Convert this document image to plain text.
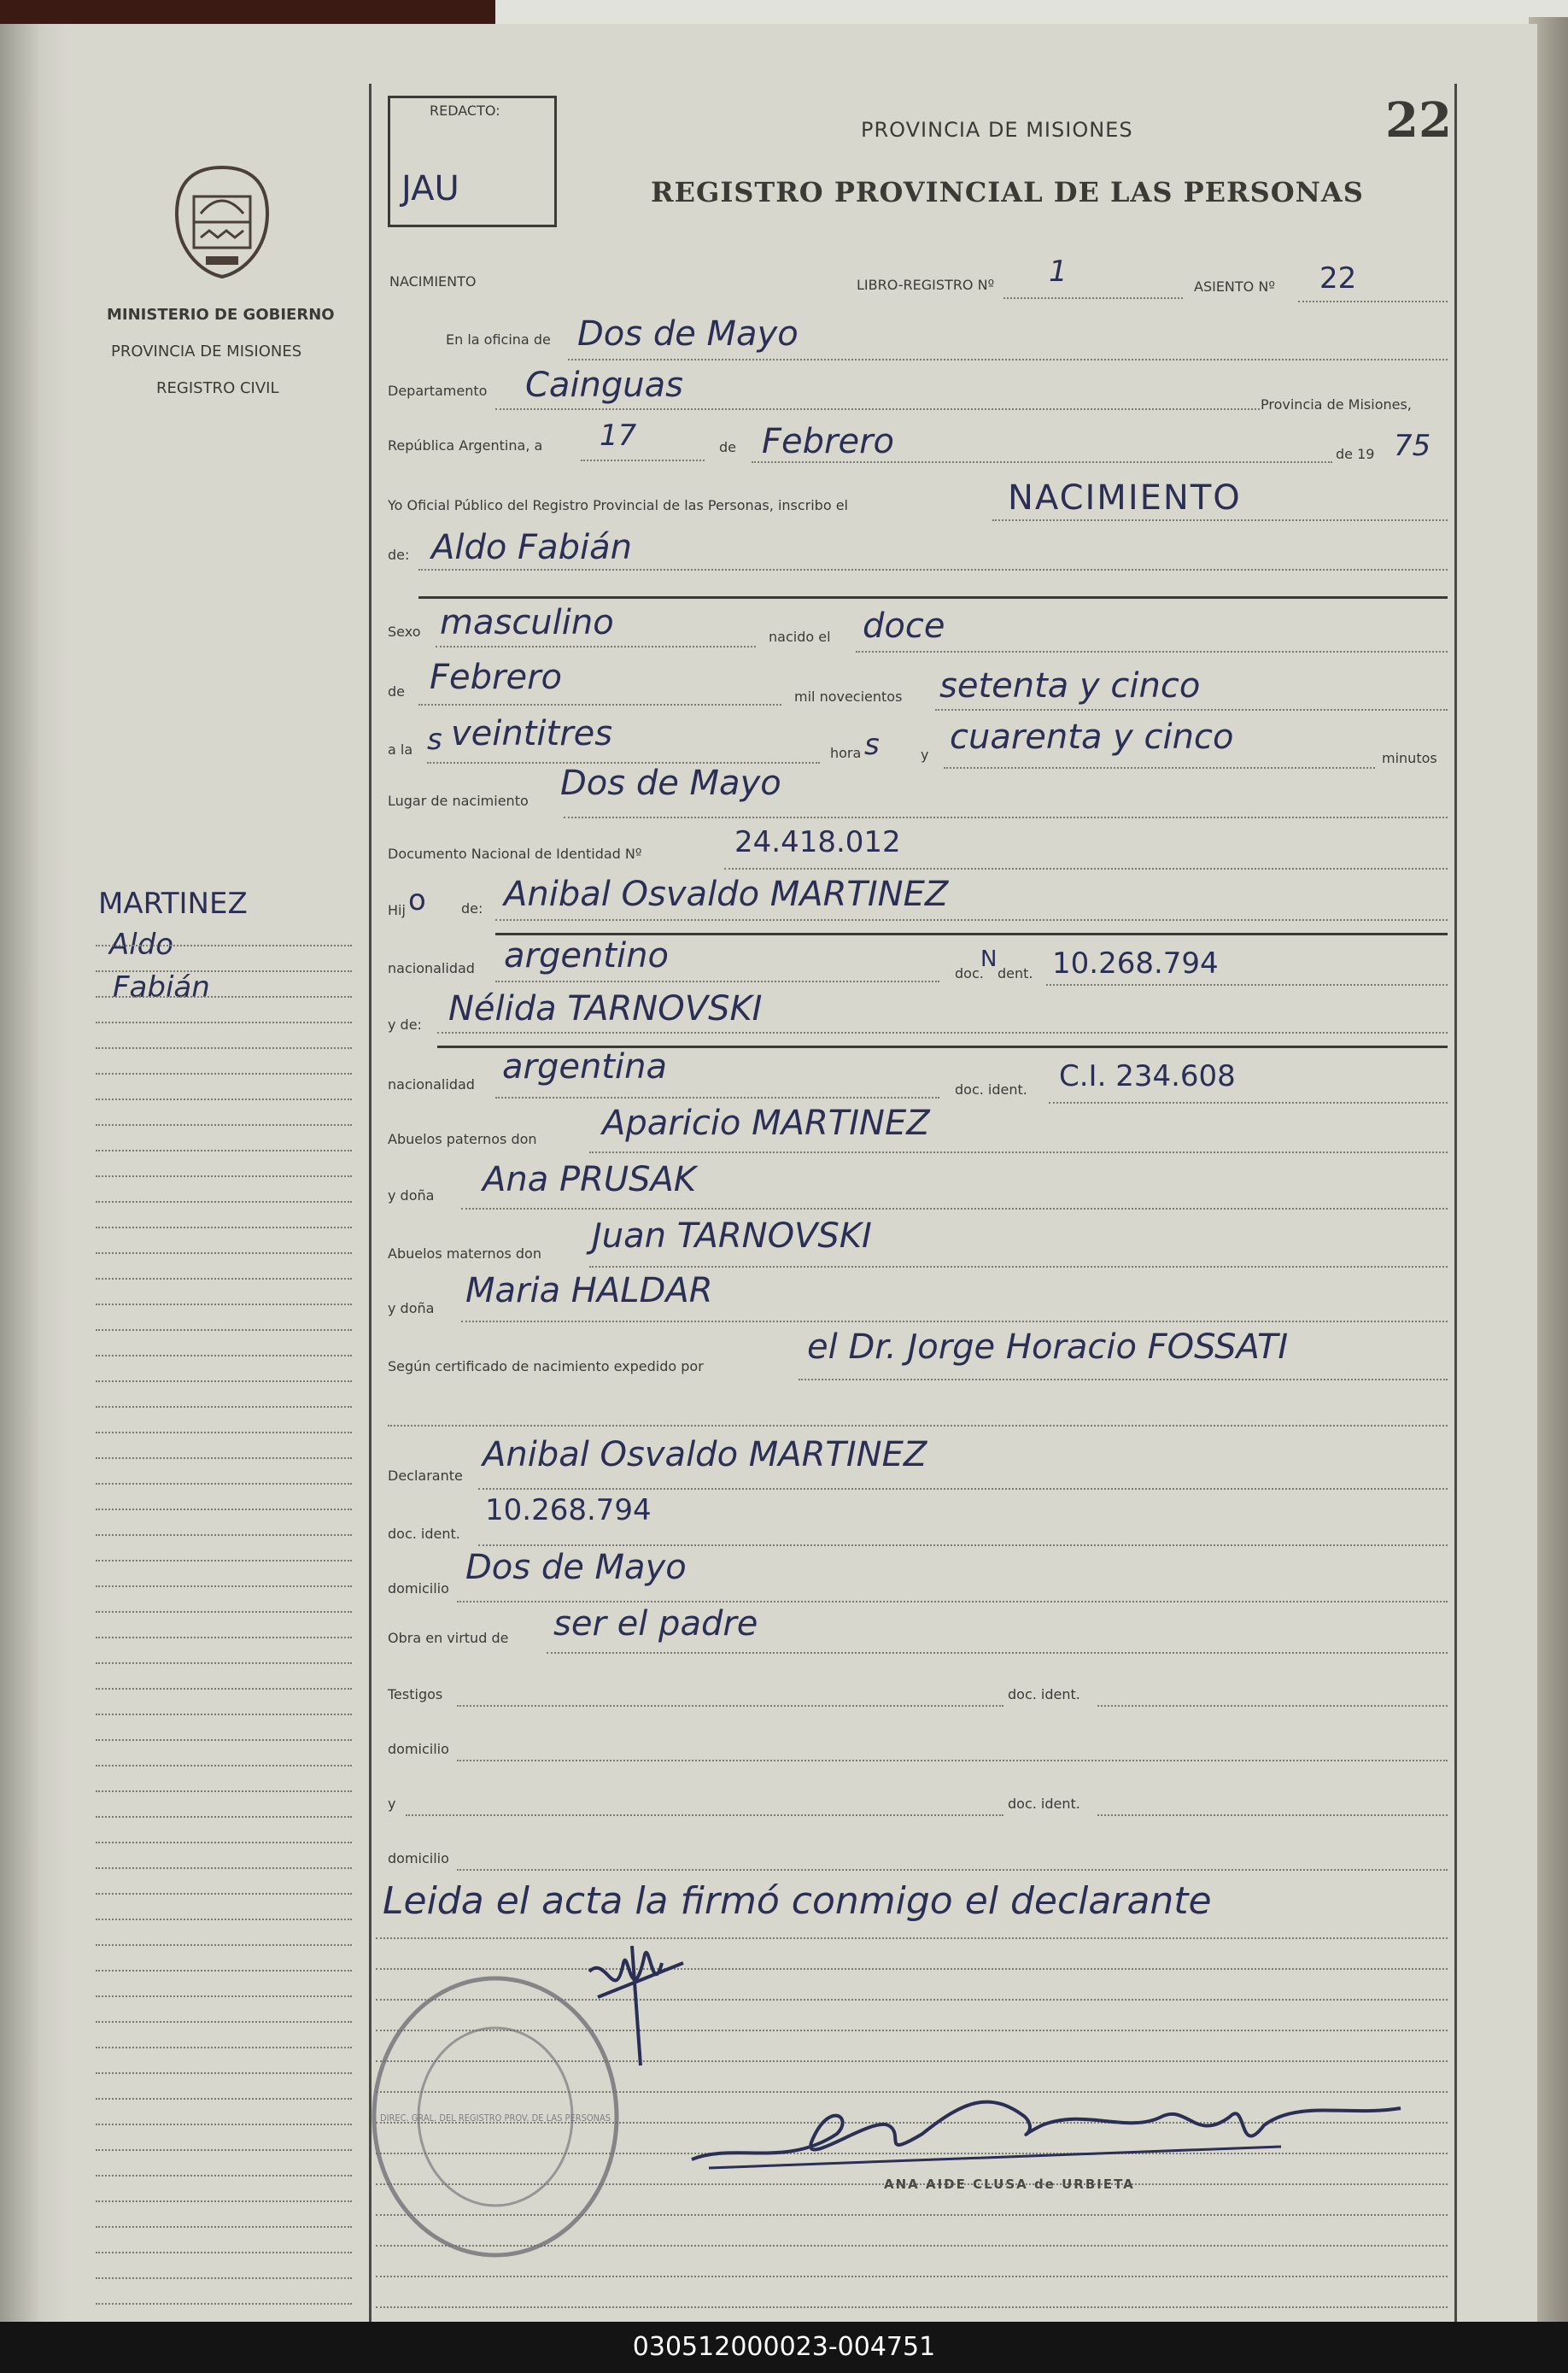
MINISTERIO DE GOBIERNO
PROVINCIA DE MISIONES
REGISTRO CIVIL
MARTINEZ
Aldo
Fabián
REDACTO:
JAU
PROVINCIA DE MISIONES
REGISTRO PROVINCIAL DE LAS PERSONAS
22
NACIMIENTO	LIBRO-REGISTRO Nº 1	ASIENTO Nº 22
En la oficina de Dos de Mayo
Departamento Cainguas	Provincia de Misiones,
República Argentina, a 17	de Febrero	de 19 75
Yo Oficial Público del Registro Provincial de las Personas, inscribo el	NACIMIENTO
de: Aldo Fabián
Sexo masculino	nacido el doce
de Febrero	mil novecientos setenta y cinco
a la s veintitres	hora s	y cuarenta y cinco
minutos
Lugar de nacimiento Dos de Mayo
Documento Nacional de Identidad Nº	24.418.012
Hij o	de: Anibal Osvaldo MARTINEZ
nacionalidad argentino	doc.
N
dent. 10.268.794
y de: Nélida TARNOVSKI
nacionalidad argentina
doc. ident. C.I. 234.608
Abuelos paternos don Aparicio MARTINEZ
y doña Ana PRUSAK
Abuelos maternos don Juan TARNOVSKI
y doña Maria HALDAR
Según certificado de nacimiento expedido por	el Dr. Jorge Horacio FOSSATI
Declarante
Anibal Osvaldo MARTINEZ
doc. ident.
10.268.794
domicilio
Dos de Mayo
Obra en virtud de ser el padre
Testigos	doc. ident.
domicilio
y	doc. ident.
domicilio
Leida el acta la firmó conmigo el declarante
ANA AIDE CLUSA de URBIETA
DIREC. GRAL. DEL REGISTRO PROV. DE LAS PERSONAS
030512000023-004751
